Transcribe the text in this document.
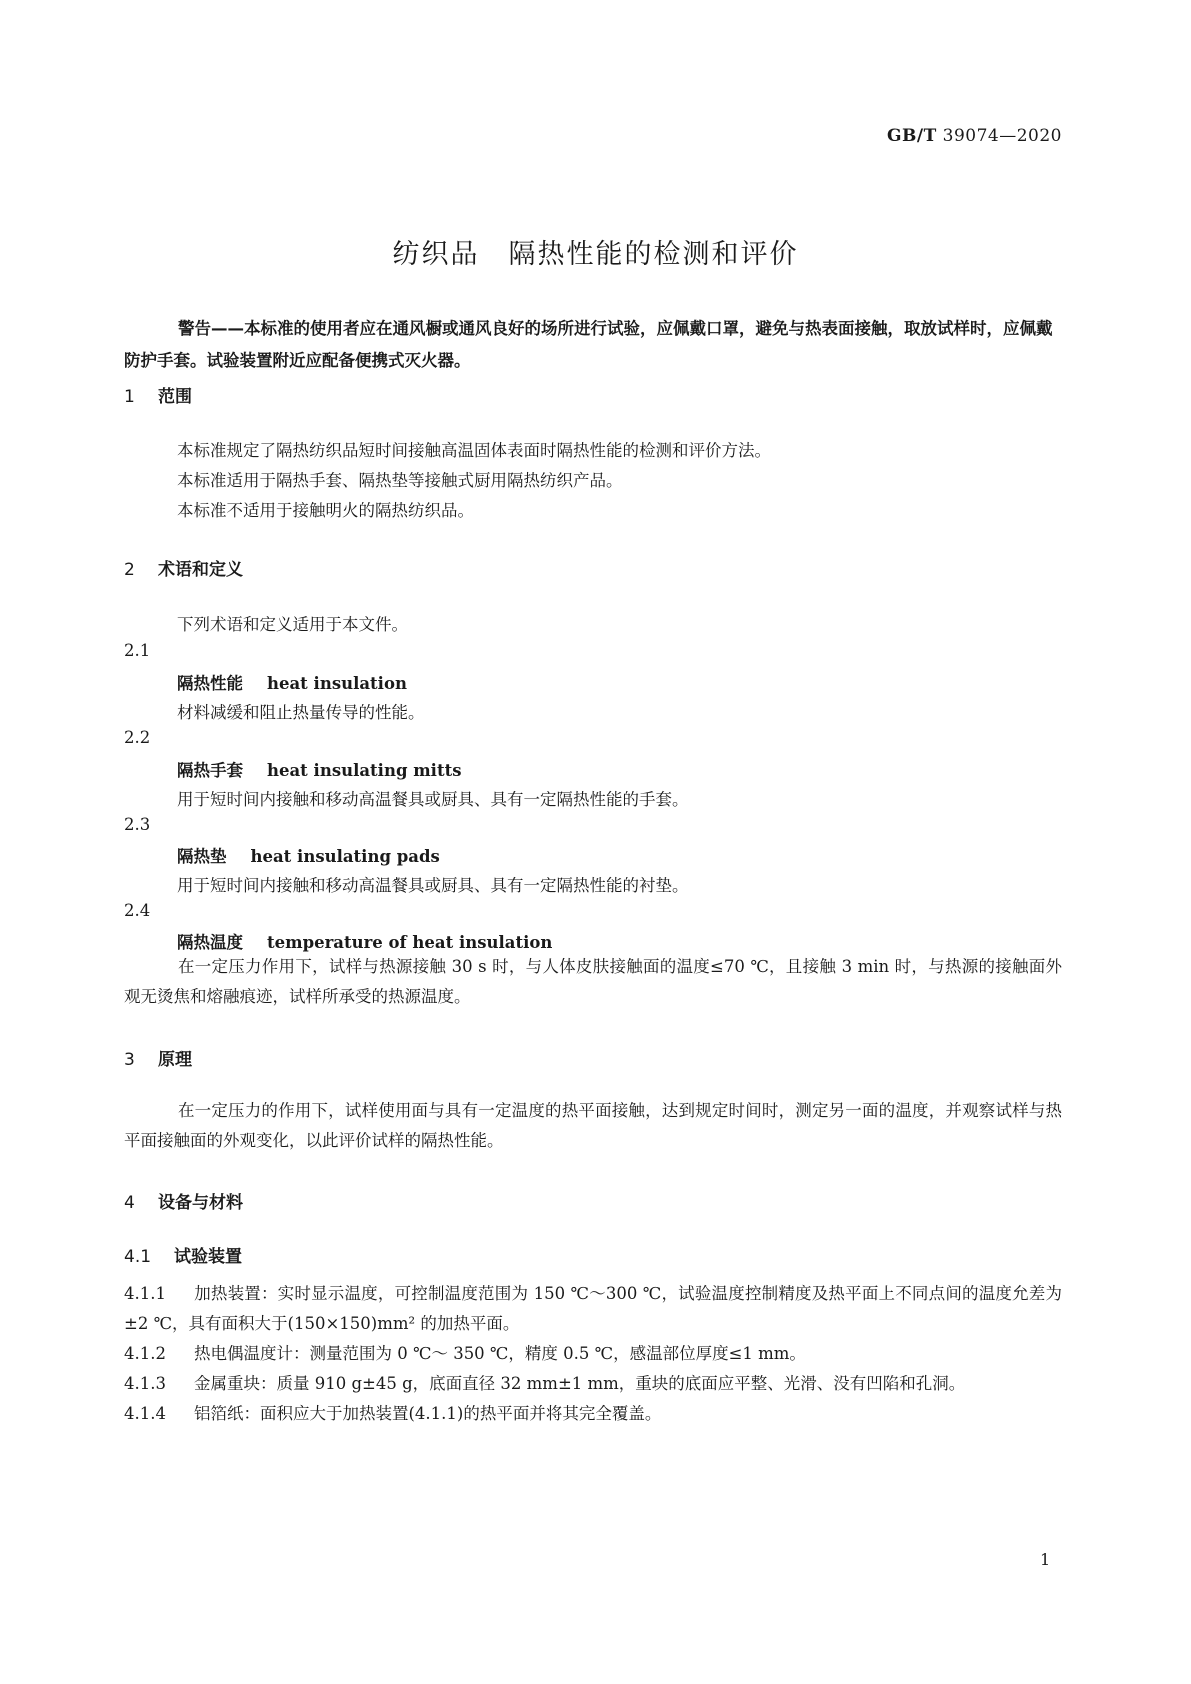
GB/T 39074—2020
纺织品　隔热性能的检测和评价
警告——本标准的使用者应在通风橱或通风良好的场所进行试验，应佩戴口罩，避免与热表面接触，取放试样时，应佩戴防护手套。试验装置附近应配备便携式灭火器。
1 范围
本标准规定了隔热纺织品短时间接触高温固体表面时隔热性能的检测和评价方法。
本标准适用于隔热手套、隔热垫等接触式厨用隔热纺织产品。
本标准不适用于接触明火的隔热纺织品。
2 术语和定义
下列术语和定义适用于本文件。
2.1
隔热性能 heat insulation
材料减缓和阻止热量传导的性能。
2.2
隔热手套 heat insulating mitts
用于短时间内接触和移动高温餐具或厨具、具有一定隔热性能的手套。
2.3
隔热垫 heat insulating pads
用于短时间内接触和移动高温餐具或厨具、具有一定隔热性能的衬垫。
2.4
隔热温度 temperature of heat insulation
在一定压力作用下，试样与热源接触 30 s 时，与人体皮肤接触面的温度≤70 ℃，且接触 3 min 时，与热源的接触面外观无烫焦和熔融痕迹，试样所承受的热源温度。
3 原理
在一定压力的作用下，试样使用面与具有一定温度的热平面接触，达到规定时间时，测定另一面的温度，并观察试样与热平面接触面的外观变化，以此评价试样的隔热性能。
4 设备与材料
4.1 试验装置
4.1.1 加热装置：实时显示温度，可控制温度范围为 150 ℃～300 ℃，试验温度控制精度及热平面上不同点间的温度允差为±2 ℃，具有面积大于(150×150)mm² 的加热平面。
4.1.2 热电偶温度计：测量范围为 0 ℃～ 350 ℃，精度 0.5 ℃，感温部位厚度≤1 mm。
4.1.3 金属重块：质量 910 g±45 g，底面直径 32 mm±1 mm，重块的底面应平整、光滑、没有凹陷和孔洞。
4.1.4 铝箔纸：面积应大于加热装置(4.1.1)的热平面并将其完全覆盖。
1
